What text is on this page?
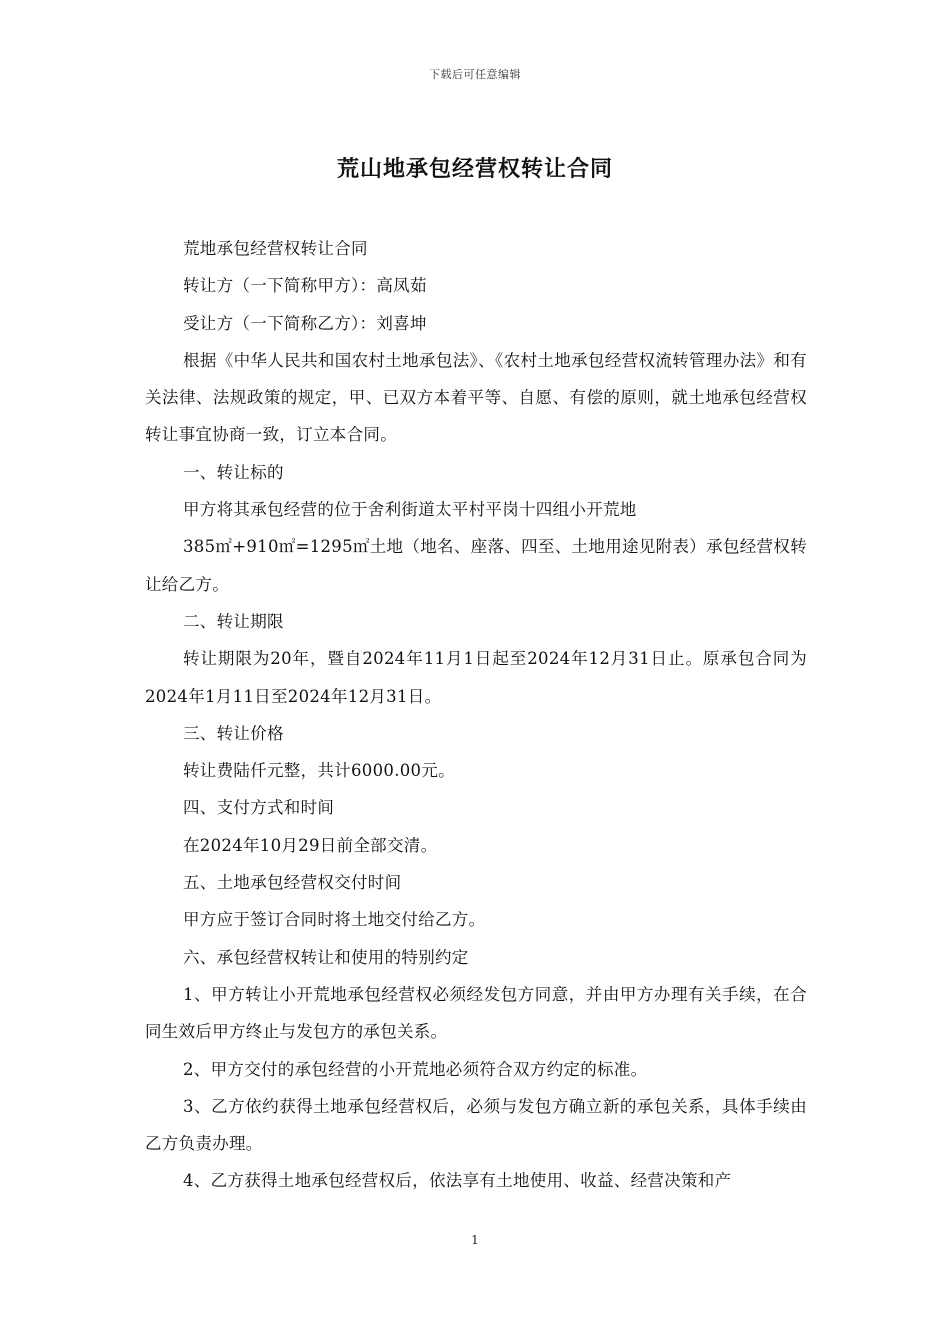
下载后可任意编辑
荒山地承包经营权转让合同

荒地承包经营权转让合同

转让方（一下简称甲方）：高凤茹

受让方（一下简称乙方）：刘喜坤

根据《中华人民共和国农村土地承包法》、《农村土地承包经营权流转管理办法》和有关法律、法规政策的规定，甲、已双方本着平等、自愿、有偿的原则，就土地承包经营权转让事宜协商一致，订立本合同。

一、转让标的

甲方将其承包经营的位于舍利街道太平村平岗十四组小开荒地

385㎡+910㎡=1295㎡土地（地名、座落、四至、土地用途见附表）承包经营权转让给乙方。

二、转让期限

转让期限为20年，暨自2024年11月1日起至2024年12月31日止。原承包合同为2024年1月11日至2024年12月31日。

三、转让价格

转让费陆仟元整，共计6000.00元。

四、支付方式和时间

在2024年10月29日前全部交清。

五、土地承包经营权交付时间

甲方应于签订合同时将土地交付给乙方。

六、承包经营权转让和使用的特别约定

1、甲方转让小开荒地承包经营权必须经发包方同意，并由甲方办理有关手续，在合同生效后甲方终止与发包方的承包关系。

2、甲方交付的承包经营的小开荒地必须符合双方约定的标准。

3、乙方依约获得土地承包经营权后，必须与发包方确立新的承包关系，具体手续由乙方负责办理。

4、乙方获得土地承包经营权后，依法享有土地使用、收益、经营决策和产

1
